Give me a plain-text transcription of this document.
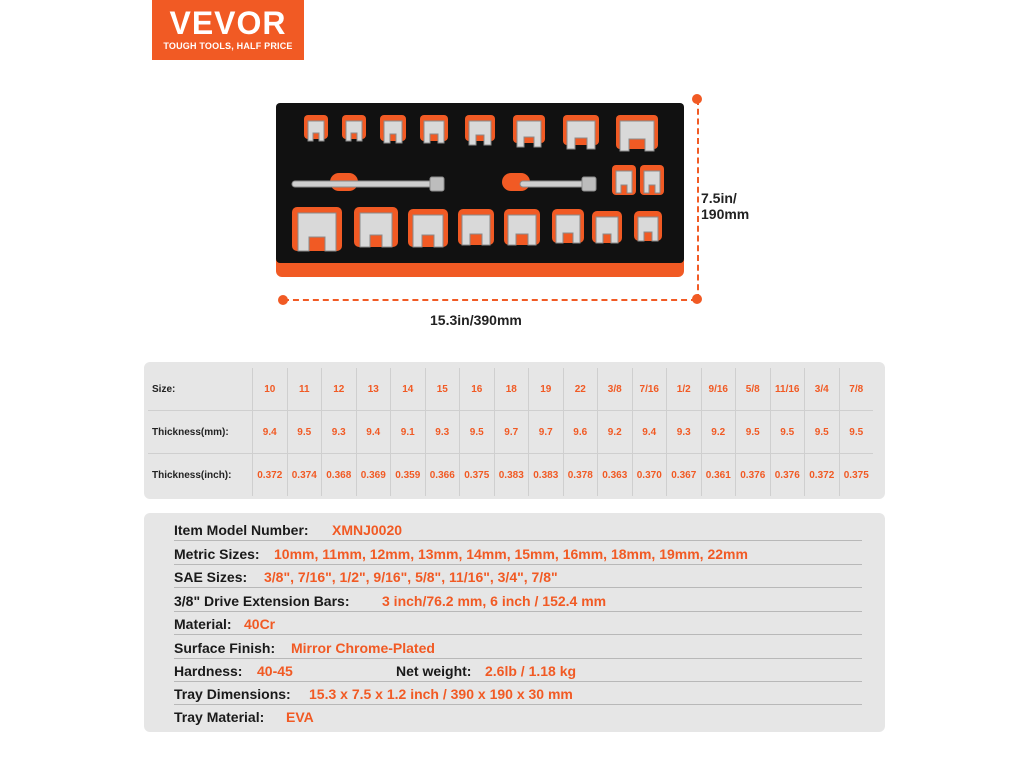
VEVOR
TOUGH TOOLS, HALF PRICE
7.5in/
190mm
15.3in/390mm
Size:	10	11	12	13	14	15	16	18	19	22	3/8	7/16	1/2	9/16	5/8	11/16	3/4	7/8
Thickness(mm):	9.4	9.5	9.3	9.4	9.1	9.3	9.5	9.7	9.7	9.6	9.2	9.4	9.3	9.2	9.5	9.5	9.5	9.5
Thickness(inch):	0.372	0.374	0.368	0.369	0.359	0.366	0.375	0.383	0.383	0.378	0.363	0.370	0.367	0.361	0.376	0.376	0.372	0.375
Item Model Number: XMNJ0020
Metric Sizes: 10mm, 11mm, 12mm, 13mm, 14mm, 15mm, 16mm, 18mm, 19mm, 22mm
SAE Sizes: 3/8", 7/16", 1/2", 9/16", 5/8", 11/16", 3/4", 7/8"
3/8" Drive Extension Bars: 3 inch/76.2 mm, 6 inch / 152.4 mm
Material: 40Cr
Surface Finish: Mirror Chrome-Plated
Hardness: 40-45	Net weight: 2.6lb / 1.18 kg
Tray Dimensions: 15.3 x 7.5 x 1.2 inch / 390 x 190 x 30 mm
Tray Material: EVA
